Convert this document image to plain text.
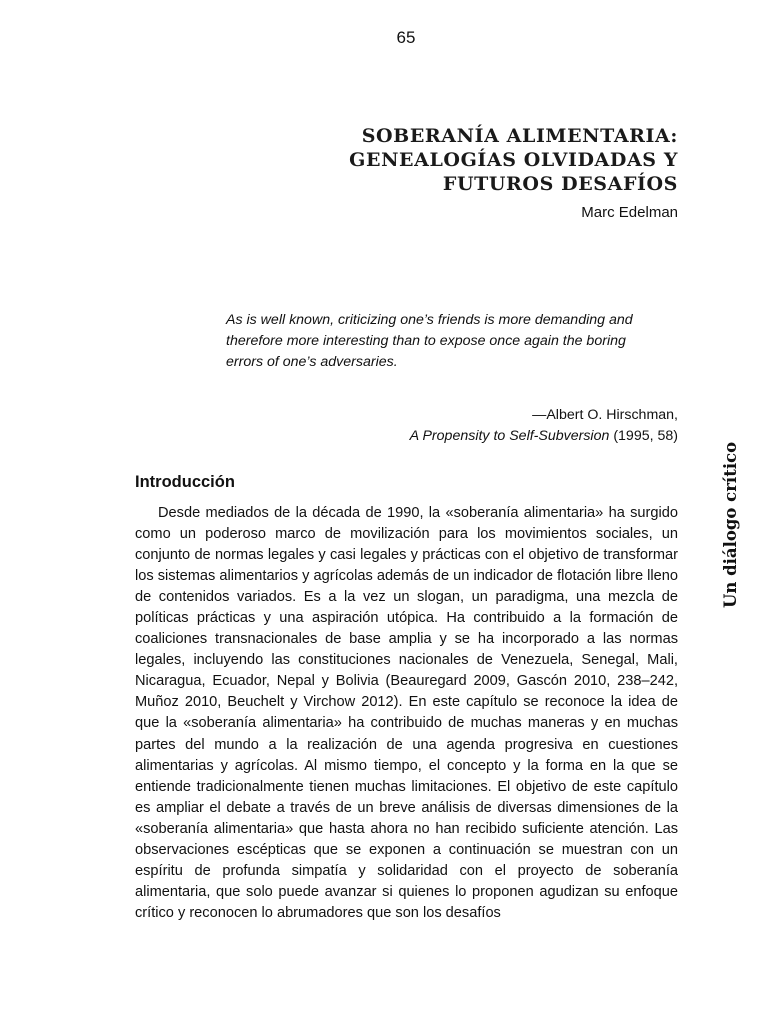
65
SOBERANÍA ALIMENTARIA:
GENEALOGÍAS OLVIDADAS Y
FUTUROS DESAFÍOS
Marc Edelman
As is well known, criticizing one’s friends is more demanding and therefore more interesting than to expose once again the boring errors of one’s adversaries.
—Albert O. Hirschman,
A Propensity to Self-Subversion (1995, 58)
Introducción
Desde mediados de la década de 1990, la «soberanía alimentaria» ha surgido como un poderoso marco de movilización para los movimientos sociales, un conjunto de normas legales y casi legales y prácticas con el objetivo de transformar los sistemas alimentarios y agrícolas además de un indicador de flotación libre lleno de contenidos variados. Es a la vez un slogan, un paradigma, una mezcla de políticas prácticas y una aspiración utópica. Ha contribuido a la formación de coaliciones transnacionales de base amplia y se ha incorporado a las normas legales, incluyendo las constituciones nacionales de Venezuela, Senegal, Mali, Nicaragua, Ecuador, Nepal y Bolivia (Beauregard 2009, Gascón 2010, 238–242, Muñoz 2010, Beuchelt y Virchow 2012). En este capítulo se reconoce la idea de que la «soberanía alimentaria» ha contribuido de muchas maneras y en muchas partes del mundo a la realización de una agenda progresiva en cuestiones alimentarias y agrícolas. Al mismo tiempo, el concepto y la forma en la que se entiende tradicionalmente tienen muchas limitaciones. El objetivo de este capítulo es ampliar el debate a través de un breve análisis de diversas dimensiones de la «soberanía alimentaria» que hasta ahora no han recibido suficiente atención. Las observaciones escépticas que se exponen a continuación se muestran con un espíritu de profunda simpatía y solidaridad con el proyecto de soberanía alimentaria, que solo puede avanzar si quienes lo proponen agudizan su enfoque crítico y reconocen lo abrumadores que son los desafíos
Un diálogo crítico
